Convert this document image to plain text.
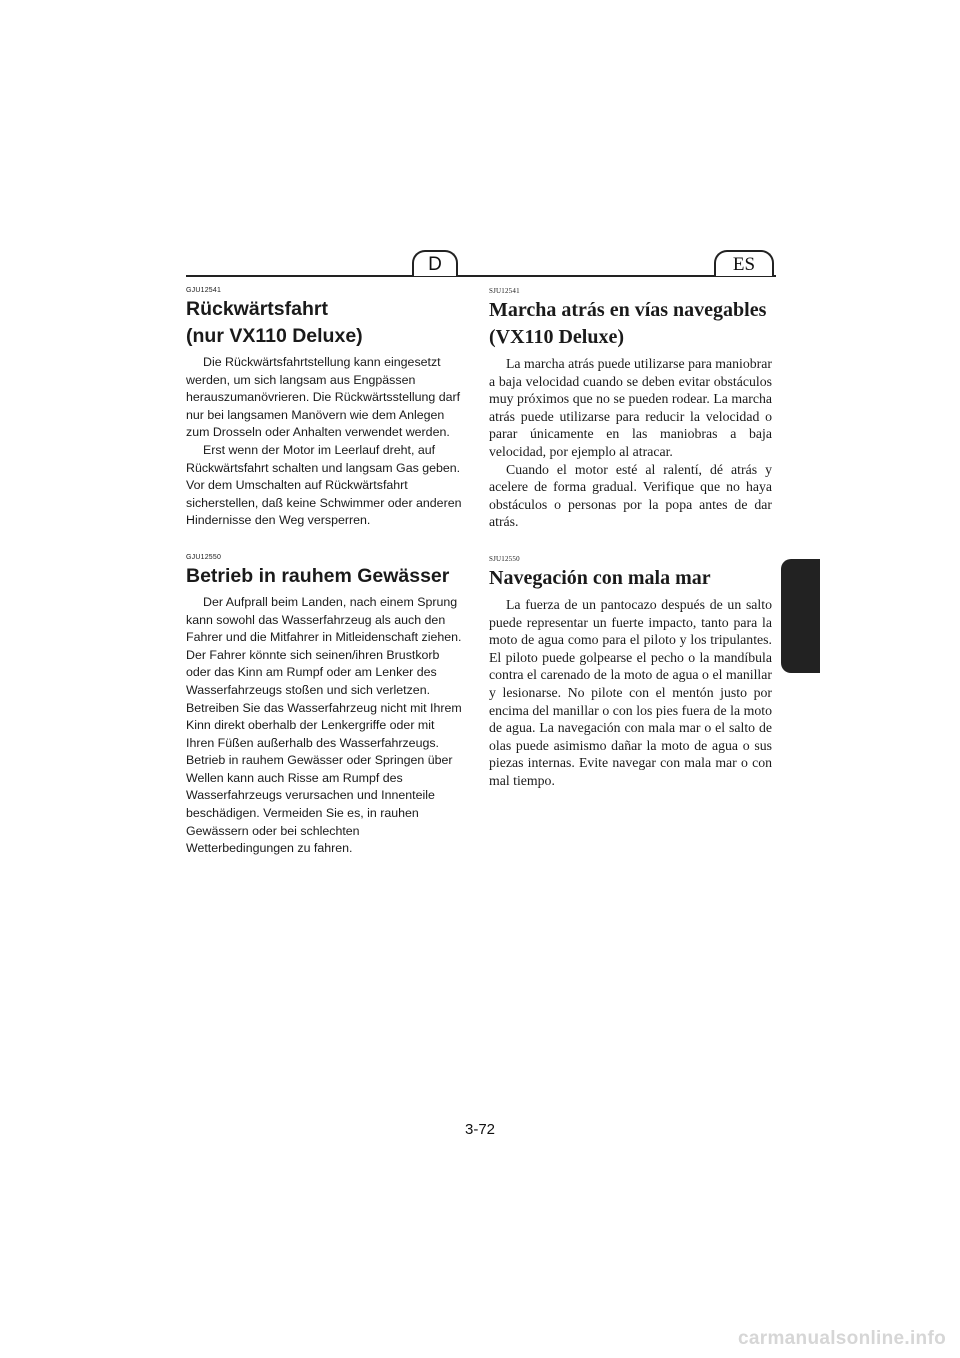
D	ES
GJU12541
Rückwärtsfahrt
(nur VX110 Deluxe)

Die Rückwärtsfahrtstellung kann eingesetzt werden, um sich langsam aus Engpässen herauszumanövrieren. Die Rückwärtsstellung darf nur bei langsamen Manövern wie dem Anlegen zum Drosseln oder Anhalten verwendet werden.

Erst wenn der Motor im Leerlauf dreht, auf Rückwärtsfahrt schalten und langsam Gas geben. Vor dem Umschalten auf Rückwärtsfahrt sicherstellen, daß keine Schwimmer oder anderen Hindernisse den Weg versperren.

GJU12550
Betrieb in rauhem Gewässer

Der Aufprall beim Landen, nach einem Sprung kann sowohl das Wasserfahrzeug als auch den Fahrer und die Mitfahrer in Mitleidenschaft ziehen. Der Fahrer könnte sich seinen/ihren Brustkorb oder das Kinn am Rumpf oder am Lenker des Wasserfahrzeugs stoßen und sich verletzen. Betreiben Sie das Wasserfahrzeug nicht mit Ihrem Kinn direkt oberhalb der Lenkergriffe oder mit Ihren Füßen außerhalb des Wasserfahrzeugs. Betrieb in rauhem Gewässer oder Springen über Wellen kann auch Risse am Rumpf des Wasserfahrzeugs verursachen und Innenteile beschädigen. Vermeiden Sie es, in rauhen Gewässern oder bei schlechten Wetterbedingungen zu fahren.

SJU12541
Marcha atrás en vías navegables
(VX110 Deluxe)

La marcha atrás puede utilizarse para maniobrar a baja velocidad cuando se deben evitar obstáculos muy próximos que no se pueden rodear. La marcha atrás puede utilizarse para reducir la velocidad o parar únicamente en las maniobras a baja velocidad, por ejemplo al atracar.

Cuando el motor esté al ralentí, dé atrás y acelere de forma gradual. Verifique que no haya obstáculos o personas por la popa antes de dar atrás.

SJU12550
Navegación con mala mar

La fuerza de un pantocazo después de un salto puede representar un fuerte impacto, tanto para la moto de agua como para el piloto y los tripulantes. El piloto puede golpearse el pecho o la mandíbula contra el carenado de la moto de agua o el manillar y lesionarse. No pilote con el mentón justo por encima del manillar o con los pies fuera de la moto de agua. La navegación con mala mar o el salto de olas puede asimismo dañar la moto de agua o sus piezas internas. Evite navegar con mala mar o con mal tiempo.

3-72
carmanualsonline.info
